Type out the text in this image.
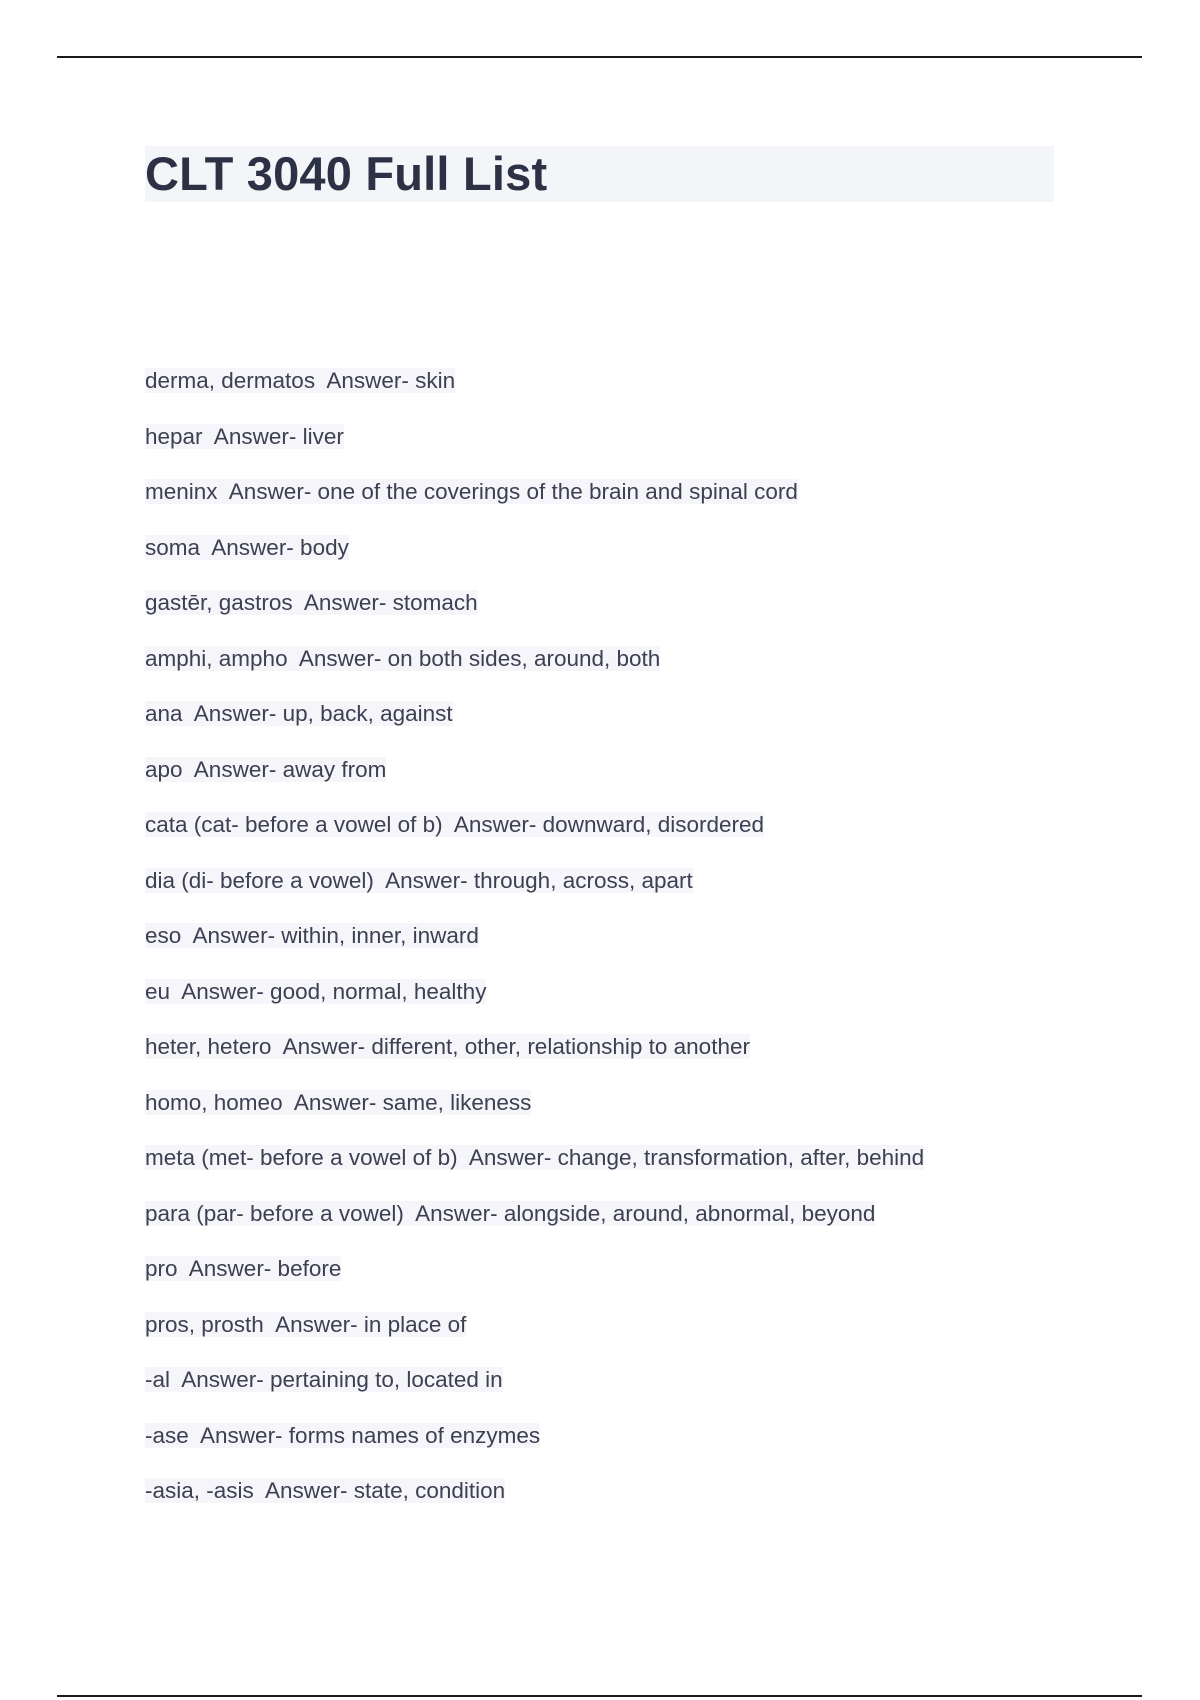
CLT 3040 Full List
derma, dermatos  Answer- skin
hepar  Answer- liver
meninx  Answer- one of the coverings of the brain and spinal cord
soma  Answer- body
gastēr, gastros  Answer- stomach
amphi, ampho  Answer- on both sides, around, both
ana  Answer- up, back, against
apo  Answer- away from
cata (cat- before a vowel of b)  Answer- downward, disordered
dia (di- before a vowel)  Answer- through, across, apart
eso  Answer- within, inner, inward
eu  Answer- good, normal, healthy
heter, hetero  Answer- different, other, relationship to another
homo, homeo  Answer- same, likeness
meta (met- before a vowel of b)  Answer- change, transformation, after, behind
para (par- before a vowel)  Answer- alongside, around, abnormal, beyond
pro  Answer- before
pros, prosth  Answer- in place of
-al  Answer- pertaining to, located in
-ase  Answer- forms names of enzymes
-asia, -asis  Answer- state, condition
